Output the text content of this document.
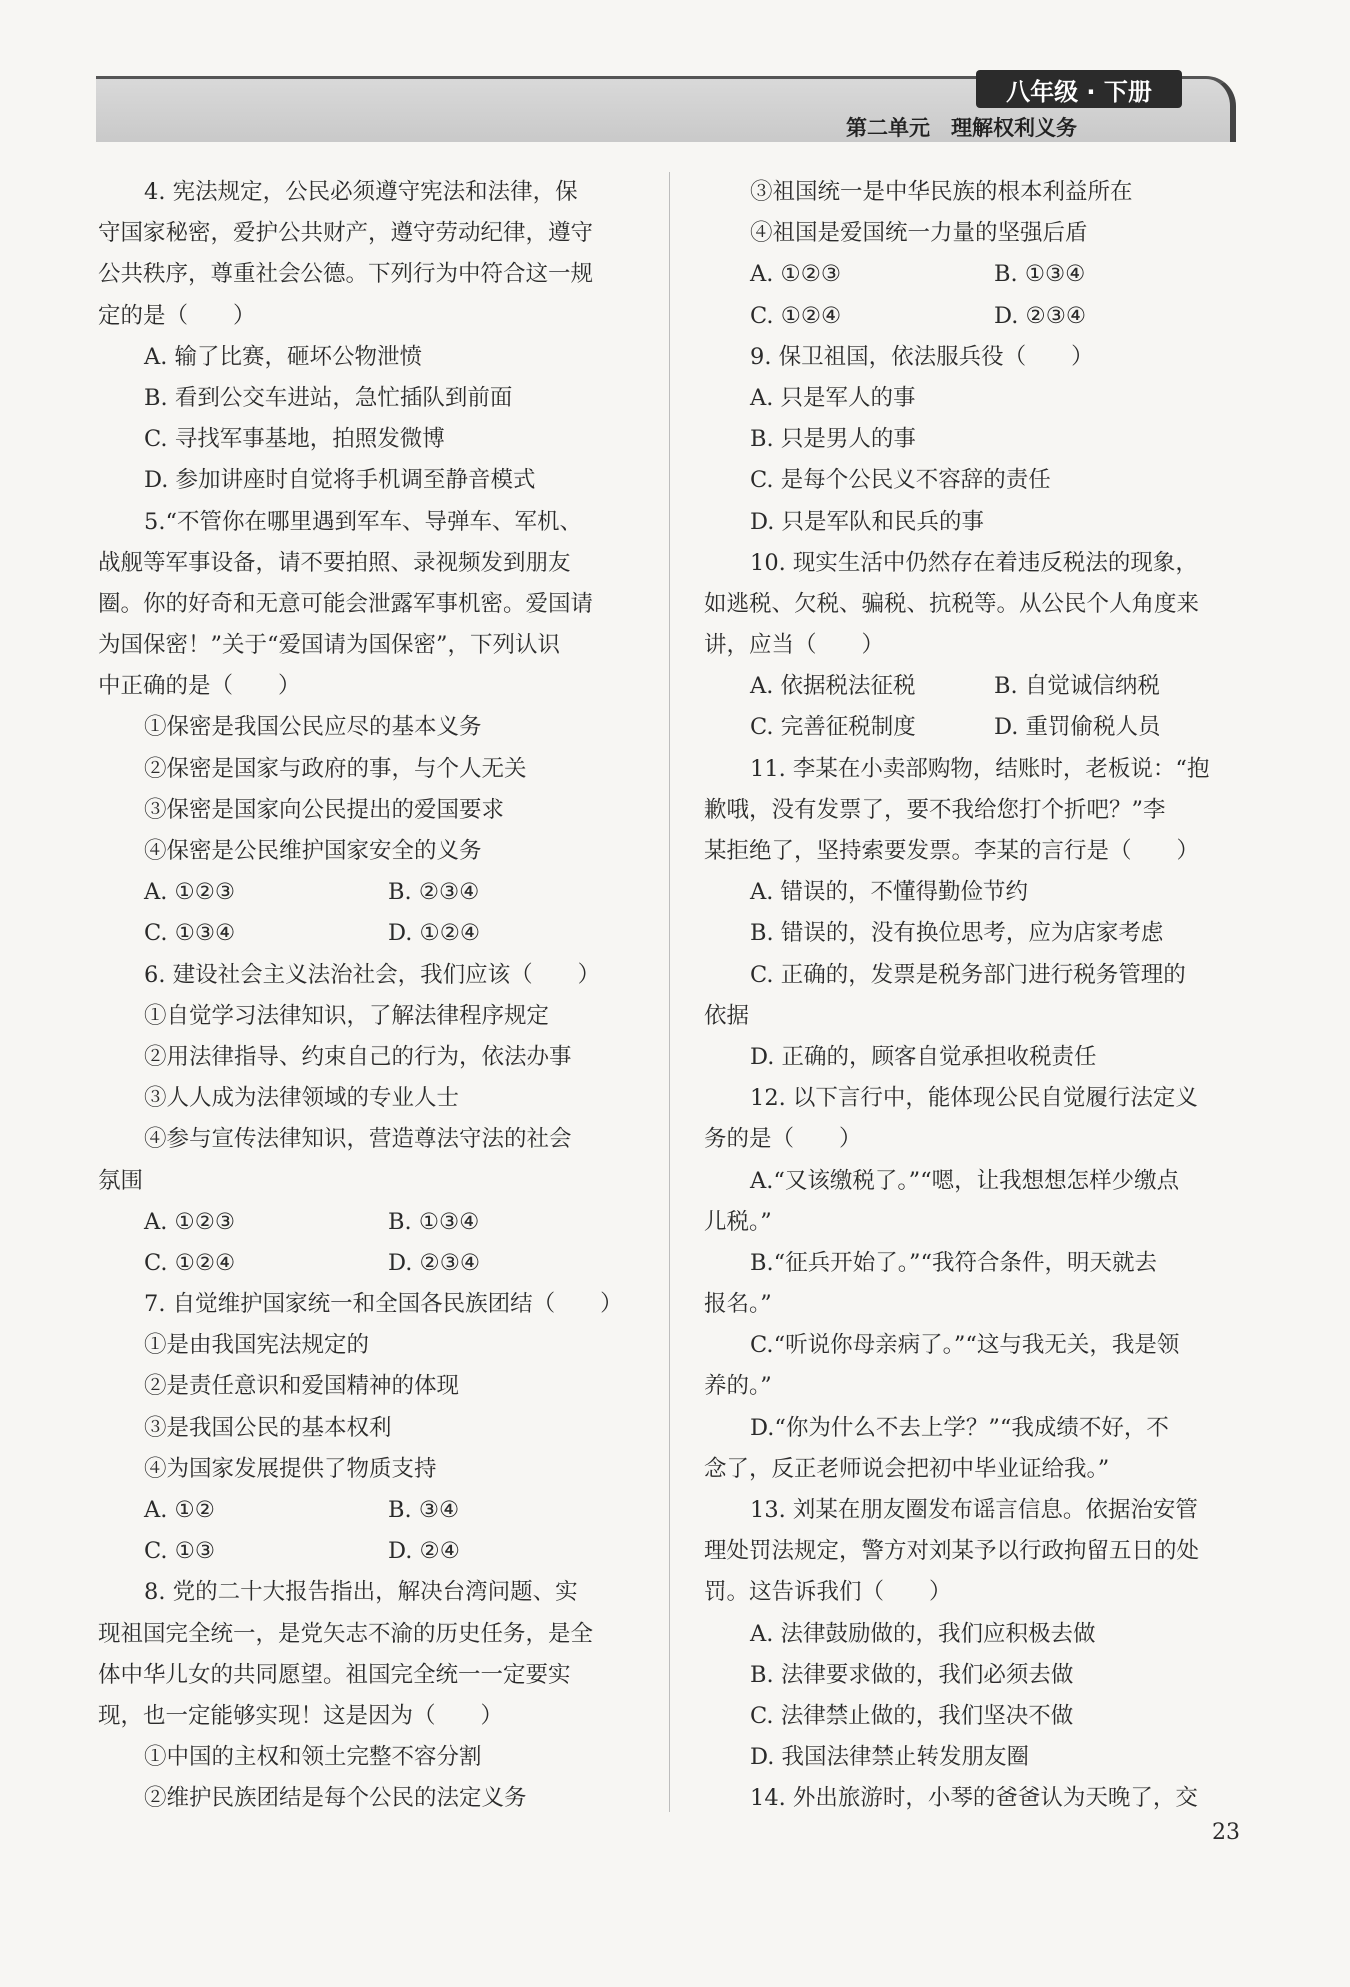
八年级 · 下册
第二单元　理解权利义务
4. 宪法规定，公民必须遵守宪法和法律，保
守国家秘密，爱护公共财产，遵守劳动纪律，遵守
公共秩序，尊重社会公德。下列行为中符合这一规
定的是（　　）
A. 输了比赛，砸坏公物泄愤
B. 看到公交车进站，急忙插队到前面
C. 寻找军事基地，拍照发微博
D. 参加讲座时自觉将手机调至静音模式
5.“不管你在哪里遇到军车、导弹车、军机、
战舰等军事设备，请不要拍照、录视频发到朋友
圈。你的好奇和无意可能会泄露军事机密。爱国请
为国保密！”关于“爱国请为国保密”，下列认识
中正确的是（　　）
①保密是我国公民应尽的基本义务
②保密是国家与政府的事，与个人无关
③保密是国家向公民提出的爱国要求
④保密是公民维护国家安全的义务
A. ①②③	B. ②③④
C. ①③④	D. ①②④
6. 建设社会主义法治社会，我们应该（　　）
①自觉学习法律知识，了解法律程序规定
②用法律指导、约束自己的行为，依法办事
③人人成为法律领域的专业人士
④参与宣传法律知识，营造尊法守法的社会
氛围
A. ①②③	B. ①③④
C. ①②④	D. ②③④
7. 自觉维护国家统一和全国各民族团结（　　）
①是由我国宪法规定的
②是责任意识和爱国精神的体现
③是我国公民的基本权利
④为国家发展提供了物质支持
A. ①②	B. ③④
C. ①③	D. ②④
8. 党的二十大报告指出，解决台湾问题、实
现祖国完全统一，是党矢志不渝的历史任务，是全
体中华儿女的共同愿望。祖国完全统一一定要实
现，也一定能够实现！这是因为（　　）
①中国的主权和领土完整不容分割
②维护民族团结是每个公民的法定义务
③祖国统一是中华民族的根本利益所在
④祖国是爱国统一力量的坚强后盾
A. ①②③	B. ①③④
C. ①②④	D. ②③④
9. 保卫祖国，依法服兵役（　　）
A. 只是军人的事
B. 只是男人的事
C. 是每个公民义不容辞的责任
D. 只是军队和民兵的事
10. 现实生活中仍然存在着违反税法的现象，
如逃税、欠税、骗税、抗税等。从公民个人角度来
讲，应当（　　）
A. 依据税法征税	B. 自觉诚信纳税
C. 完善征税制度	D. 重罚偷税人员
11. 李某在小卖部购物，结账时，老板说：“抱
歉哦，没有发票了，要不我给您打个折吧？”李
某拒绝了，坚持索要发票。李某的言行是（　　）
A. 错误的，不懂得勤俭节约
B. 错误的，没有换位思考，应为店家考虑
C. 正确的，发票是税务部门进行税务管理的
依据
D. 正确的，顾客自觉承担收税责任
12. 以下言行中，能体现公民自觉履行法定义
务的是（　　）
A.“又该缴税了。”“嗯，让我想想怎样少缴点
儿税。”
B.“征兵开始了。”“我符合条件，明天就去
报名。”
C.“听说你母亲病了。”“这与我无关，我是领
养的。”
D.“你为什么不去上学？”“我成绩不好，不
念了，反正老师说会把初中毕业证给我。”
13. 刘某在朋友圈发布谣言信息。依据治安管
理处罚法规定，警方对刘某予以行政拘留五日的处
罚。这告诉我们（　　）
A. 法律鼓励做的，我们应积极去做
B. 法律要求做的，我们必须去做
C. 法律禁止做的，我们坚决不做
D. 我国法律禁止转发朋友圈
14. 外出旅游时，小琴的爸爸认为天晚了，交
23
